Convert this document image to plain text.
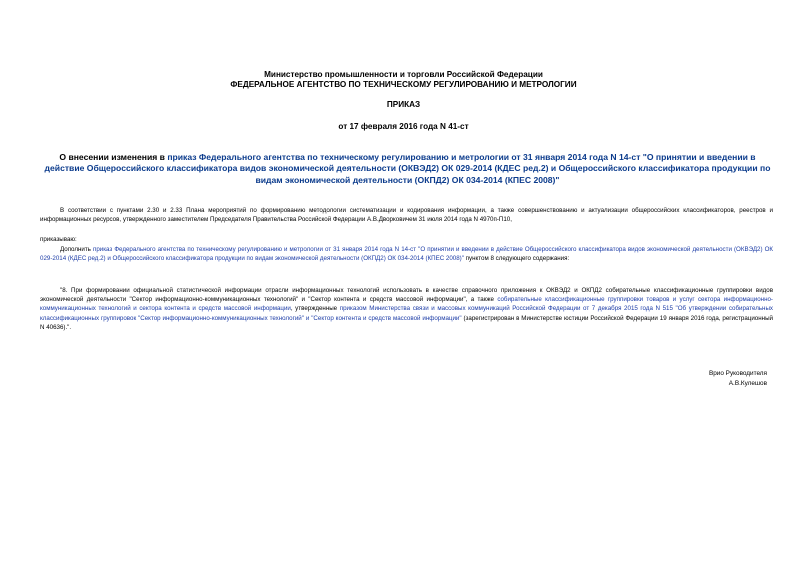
Министерство промышленности и торговли Российской Федерации
ФЕДЕРАЛЬНОЕ АГЕНТСТВО ПО ТЕХНИЧЕСКОМУ РЕГУЛИРОВАНИЮ И МЕТРОЛОГИИ
ПРИКАЗ
от 17 февраля 2016 года N 41-ст
О внесении изменения в приказ Федерального агентства по техническому регулированию и метрологии от 31 января 2014 года N 14-ст "О принятии и введении в действие Общероссийского классификатора видов экономической деятельности (ОКВЭД2) ОК 029-2014 (КДЕС ред.2) и Общероссийского классификатора продукции по видам экономической деятельности (ОКПД2) ОК 034-2014 (КПЕС 2008)"
В соответствии с пунктами 2.30 и 2.33 Плана мероприятий по формированию методологии систематизации и кодирования информации, а также совершенствованию и актуализации общероссийских классификаторов, реестров и информационных ресурсов, утвержденного заместителем Председателя Правительства Российской Федерации А.В.Дворковичем 31 июля 2014 года N 4970п-П10,
приказываю:
Дополнить приказ Федерального агентства по техническому регулированию и метрологии от 31 января 2014 года N 14-ст "О принятии и введении в действие Общероссийского классификатора видов экономической деятельности (ОКВЭД2) ОК 029-2014 (КДЕС ред.2) и Общероссийского классификатора продукции по видам экономической деятельности (ОКПД2) ОК 034-2014 (КПЕС 2008)" пунктом 8 следующего содержания:
"8. При формировании официальной статистической информации отрасли информационных технологий использовать в качестве справочного приложения к ОКВЭД2 и ОКПД2 собирательные классификационные группировки видов экономической деятельности "Сектор информационно-коммуникационных технологий" и "Сектор контента и средств массовой информации", а также собирательные классификационные группировки товаров и услуг сектора информационно-коммуникационных технологий и сектора контента и средств массовой информации, утвержденные приказом Министерства связи и массовых коммуникаций Российской Федерации от 7 декабря 2015 года N 515 "Об утверждении собирательных классификационных группировок "Сектор информационно-коммуникационных технологий" и "Сектор контента и средств массовой информации" (зарегистрирован в Министерстве юстиции Российской Федерации 19 января 2016 года, регистрационный N 40636).".
Врио Руководителя
А.В.Кулешов
